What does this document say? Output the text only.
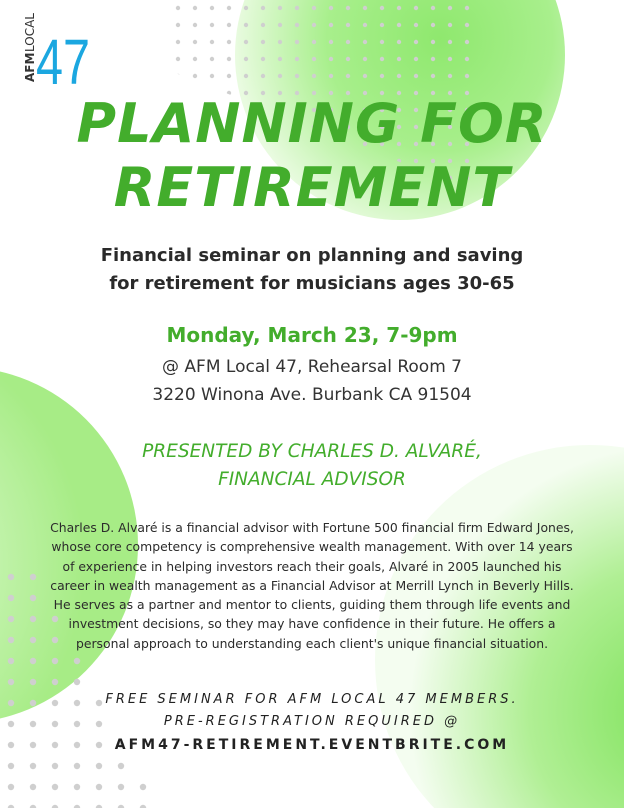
AFM
LOCAL 47
PLANNING FOR
RETIREMENT
Financial seminar on planning and saving
for retirement for musicians ages 30-65
Monday, March 23, 7-9pm
@ AFM Local 47, Rehearsal Room 7
3220 Winona Ave. Burbank CA 91504
PRESENTED BY CHARLES D. ALVARÉ,
FINANCIAL ADVISOR
Charles D. Alvaré is a financial advisor with Fortune 500 financial firm Edward Jones,
whose core competency is comprehensive wealth management. With over 14 years
of experience in helping investors reach their goals, Alvaré in 2005 launched his
career in wealth management as a Financial Advisor at Merrill Lynch in Beverly Hills.
He serves as a partner and mentor to clients, guiding them through life events and
investment decisions, so they may have confidence in their future. He offers a
personal approach to understanding each client's unique financial situation.
FREE SEMINAR FOR AFM LOCAL 47 MEMBERS.
PRE-REGISTRATION REQUIRED @
AFM47-RETIREMENT.EVENTBRITE.COM
